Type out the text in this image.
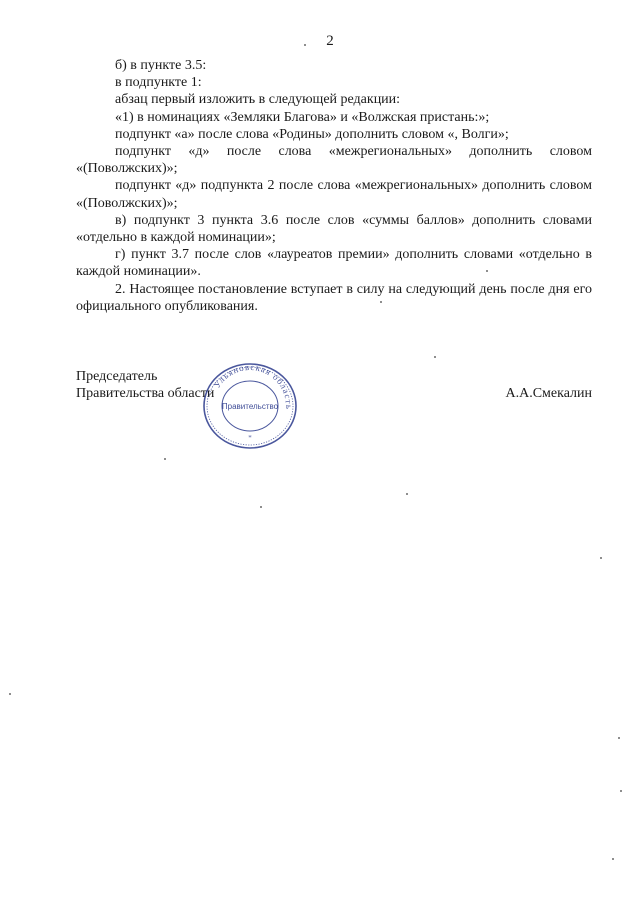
2

б) в пункте 3.5:

в подпункте 1:

абзац первый изложить в следующей редакции:

«1) в номинациях «Земляки Благова» и «Волжская пристань:»;

подпункт «а» после слова «Родины» дополнить словом «, Волги»;

подпункт «д» после слова «межрегиональных» дополнить словом «(Поволжских)»;

подпункт «д» подпункта 2 после слова «межрегиональных» дополнить словом «(Поволжских)»;

в) подпункт 3 пункта 3.6 после слов «суммы баллов» дополнить словами «отдельно в каждой номинации»;

г) пункт 3.7 после слов «лауреатов премии» дополнить словами «отдельно в каждой номинации».

2. Настоящее постановление вступает в силу на следующий день после дня его официального опубликования.

Председатель

Правительства области	А.А.Смекалин
Ульяновская область
Правительство
*
